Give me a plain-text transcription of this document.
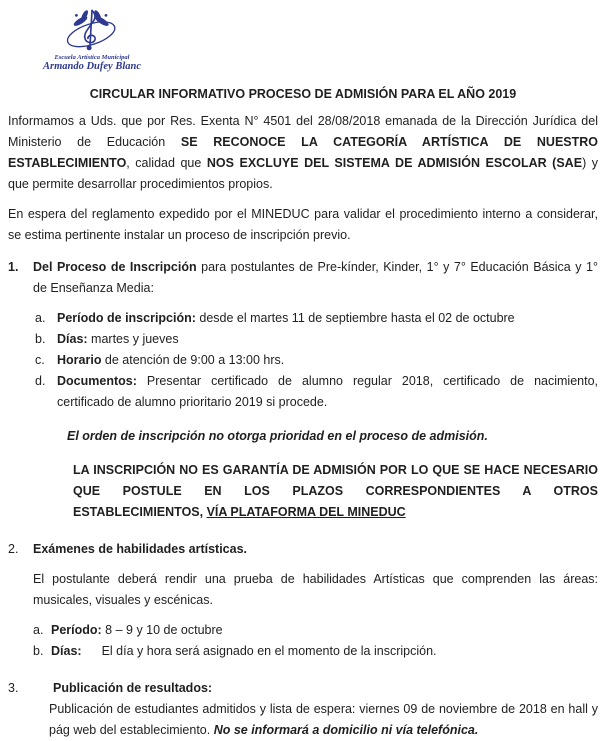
Escuela Artística Municipal
Armando Dufey Blanc
CIRCULAR INFORMATIVO PROCESO DE ADMISIÓN PARA EL AÑO 2019

Informamos a Uds. que por Res. Exenta N° 4501 del 28/08/2018 emanada de la Dirección Jurídica del Ministerio de Educación SE RECONOCE LA CATEGORÍA ARTÍSTICA DE NUESTRO ESTABLECIMIENTO, calidad que NOS EXCLUYE DEL SISTEMA DE ADMISIÓN ESCOLAR (SAE) y que permite desarrollar procedimientos propios.

En espera del reglamento expedido por el MINEDUC para validar el procedimiento interno a considerar, se estima pertinente instalar un proceso de inscripción previo.

1.	Del Proceso de Inscripción para postulantes de Pre-kínder, Kinder, 1° y 7° Educación Básica y 1° de Enseñanza Media:
a. Período de inscripción: desde el martes 11 de septiembre hasta el 02 de octubre
b. Días: martes y jueves
c. Horario de atención de 9:00 a 13:00 hrs.
d. Documentos: Presentar certificado de alumno regular 2018, certificado de nacimiento, certificado de alumno prioritario 2019 si procede.

El orden de inscripción no otorga prioridad en el proceso de admisión.

LA INSCRIPCIÓN NO ES GARANTÍA DE ADMISIÓN POR LO QUE SE HACE NECESARIO QUE POSTULE EN LOS PLAZOS CORRESPONDIENTES A OTROS ESTABLECIMIENTOS, VÍA PLATAFORMA DEL MINEDUC

2.	Exámenes de habilidades artísticas.

El postulante deberá rendir una prueba de habilidades Artísticas que comprenden las áreas: musicales, visuales y escénicas.

a. Período: 8 – 9 y 10 de octubre
b. Días: El día y hora será asignado en el momento de la inscripción.
3.	Publicación de resultados:

Publicación de estudiantes admitidos y lista de espera: viernes 09 de noviembre de 2018 en hall y pág web del establecimiento. No se informará a domicilio ni vía telefónica.
